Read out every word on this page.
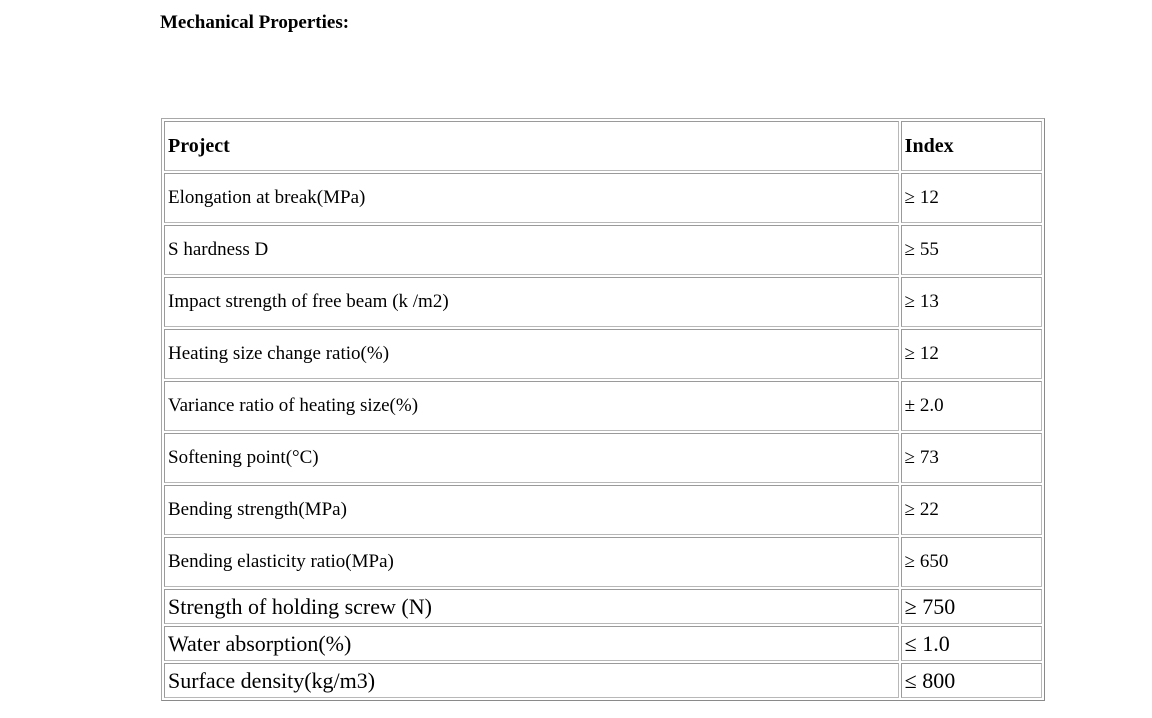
Mechanical Properties:
Project	Index
Elongation at break(MPa)	≥ 12
S hardness D	≥ 55
Impact strength of free beam (k /m2)	≥ 13
Heating size change ratio(%)	≥ 12
Variance ratio of heating size(%)	± 2.0
Softening point(°C)	≥ 73
Bending strength(MPa)	≥ 22
Bending elasticity ratio(MPa)	≥ 650
Strength of holding screw (N)	≥ 750
Water absorption(%)	≤ 1.0
Surface density(kg/m3)	≤ 800
